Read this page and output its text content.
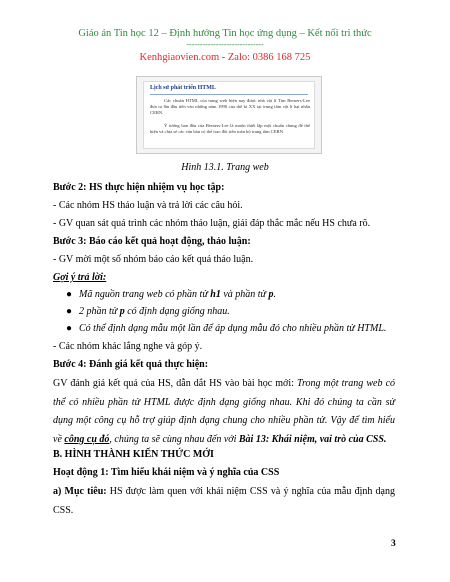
Giáo án Tin học 12 – Định hướng Tin học ứng dụng – Kết nối tri thức
-----------------------------
Kenhgiaovien.com - Zalo: 0386 168 725
Lịch sử phát triển HTML
Các chuẩn HTML của trang web hiện nay được nhà vật lí Tim Berners-Lee đưa ra lần đầu tiên vào những năm 1990 của thế kỉ XX tại trung tâm vật lí hạt nhân CERN.
Ý tưởng ban đầu của Berners-Lee là muốn thiết lập một chuẩn chung để thể hiện và chia sẻ các văn bản có thể trao đổi trên toàn bộ trung tâm CERN.
Hình 13.1. Trang web
Bước 2: HS thực hiện nhiệm vụ học tập:
- Các nhóm HS thảo luận và trả lời các câu hỏi.
- GV quan sát quá trình các nhóm thảo luận, giải đáp thắc mắc nếu HS chưa rõ.
Bước 3: Báo cáo kết quả hoạt động, thảo luận:
- GV mời một số nhóm báo cáo kết quả thảo luận.
Gợi ý trả lời:
● Mã nguồn trang web có phần tử h1 và phần tử p.
● 2 phần tử p có định dạng giống nhau.
● Có thể định dạng mẫu một lần để áp dụng mẫu đó cho nhiều phần tử HTML.
- Các nhóm khác lắng nghe và góp ý.
Bước 4: Đánh giá kết quả thực hiện:
GV đánh giá kết quả của HS, dẫn dắt HS vào bài học mới: Trong một trang web có thể có nhiều phần tử HTML được định dạng giống nhau. Khi đó chúng ta cần sử dụng một công cụ hỗ trợ giúp định dạng chung cho nhiều phần tử. Vậy để tìm hiểu về công cụ đó, chúng ta sẽ cùng nhau đến với Bài 13: Khái niệm, vai trò của CSS.
B. HÌNH THÀNH KIẾN THỨC MỚI
Hoạt động 1: Tìm hiểu khái niệm và ý nghĩa của CSS
a) Mục tiêu: HS được làm quen với khái niệm CSS và ý nghĩa của mẫu định dạng CSS.
3
